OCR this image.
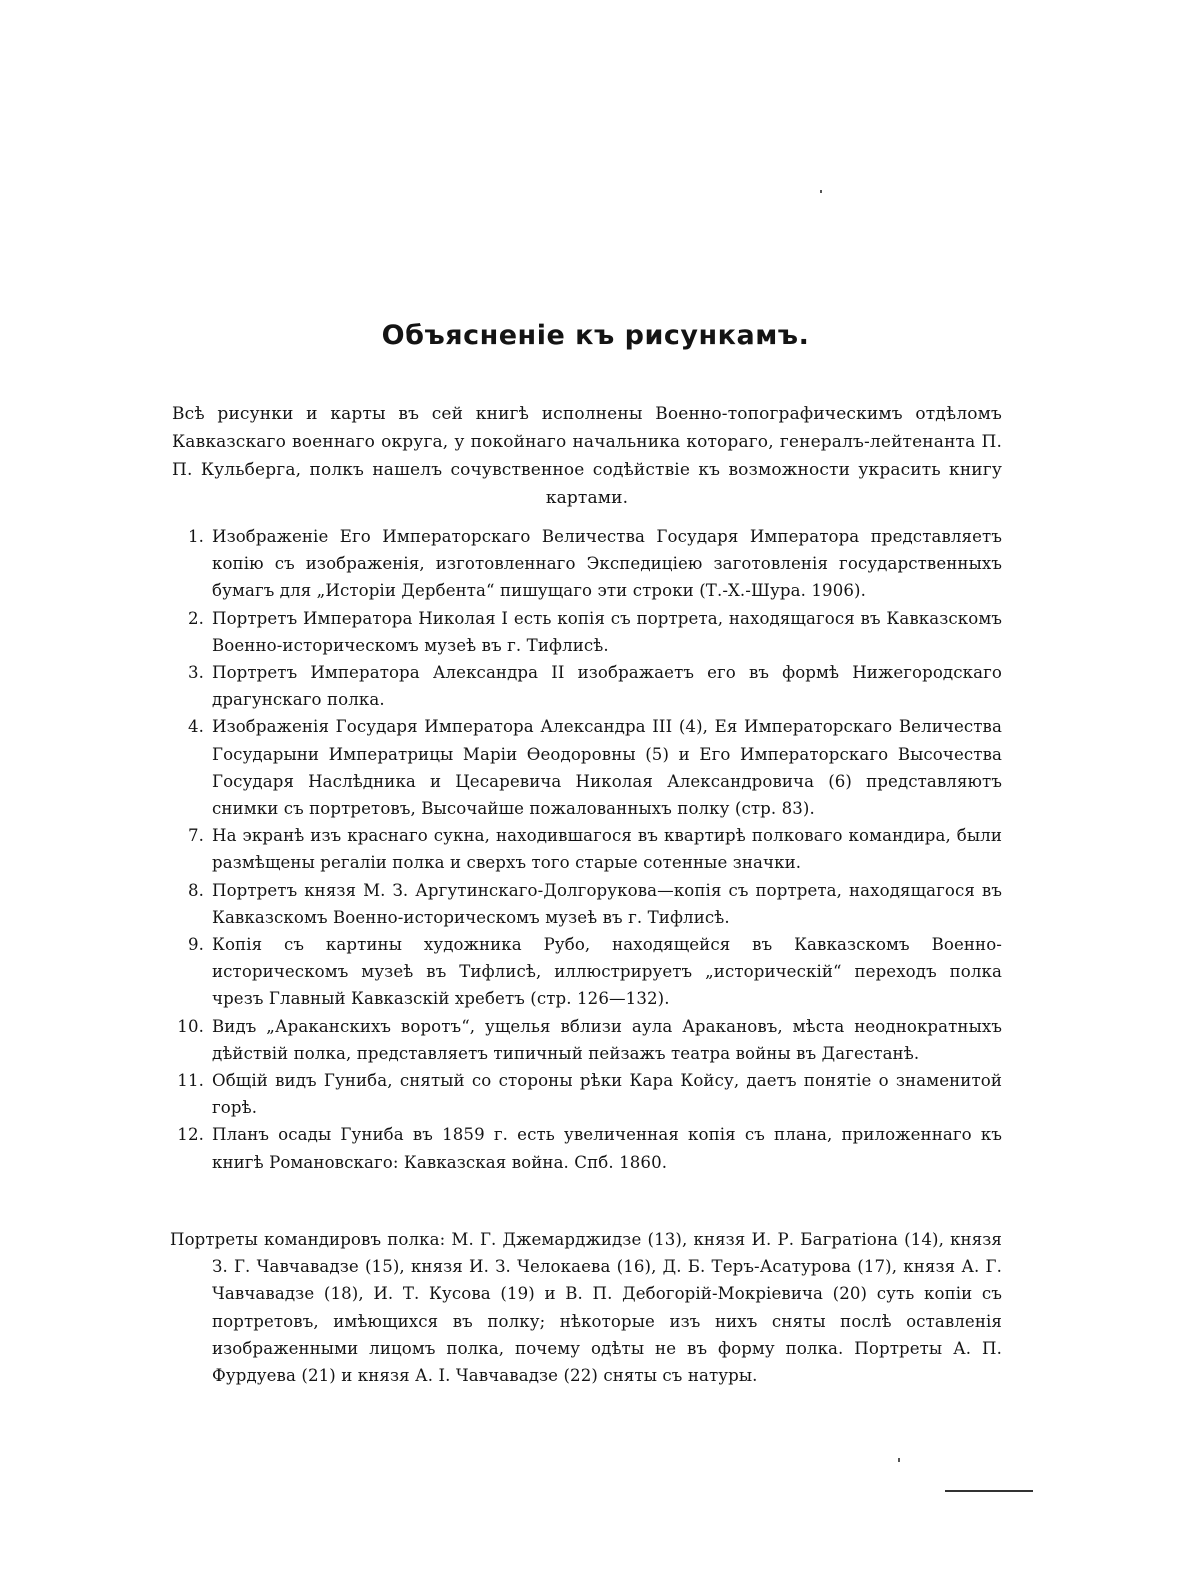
Объясненіе къ рисункамъ.
Всѣ рисунки и карты въ сей книгѣ исполнены Военно-топографическимъ отдѣломъ Кавказскаго военнаго округа, у покойнаго начальника котораго, генералъ-лейтенанта П. П. Кульберга, полкъ нашелъ сочувственное содѣйствіе къ возможности украсить книгу картами.
1. Изображеніе Его Императорскаго Величества Государя Императора представляетъ копію съ изображенія, изготовленнаго Экспедиціею заготовленія государственныхъ бумагъ для „Исторіи Дербента“ пишущаго эти строки (Т.-Х.-Шура. 1906).
2. Портретъ Императора Николая I есть копія съ портрета, находящагося въ Кавказскомъ Военно-историческомъ музеѣ въ г. Тифлисѣ.
3. Портретъ Императора Александра II изображаетъ его въ формѣ Нижегородскаго драгунскаго полка.
4. Изображенія Государя Императора Александра III (4), Ея Императорскаго Величества Государыни Императрицы Маріи Ѳеодоровны (5) и Его Императорскаго Высочества Государя Наслѣдника и Цесаревича Николая Александровича (6) представляютъ снимки съ портретовъ, Высочайше пожалованныхъ полку (стр. 83).
7. На экранѣ изъ краснаго сукна, находившагося въ квартирѣ полковаго командира, были размѣщены регаліи полка и сверхъ того старые сотенные значки.
8. Портретъ князя М. З. Аргутинскаго-Долгорукова—копія съ портрета, находящагося въ Кавказскомъ Военно-историческомъ музеѣ въ г. Тифлисѣ.
9. Копія съ картины художника Рубо, находящейся въ Кавказскомъ Военно-историческомъ музеѣ въ Тифлисѣ, иллюстрируетъ „историческій“ переходъ полка чрезъ Главный Кавказскій хребетъ (стр. 126—132).
10. Видъ „Араканскихъ воротъ“, ущелья вблизи аула Аракановъ, мѣста неоднократныхъ дѣйствій полка, представляетъ типичный пейзажъ театра войны въ Дагестанѣ.
11. Общій видъ Гуниба, снятый со стороны рѣки Кара Койсу, даетъ понятіе о знаменитой горѣ.
12. Планъ осады Гуниба въ 1859 г. есть увеличенная копія съ плана, приложеннаго къ книгѣ Романовскаго: Кавказская война. Спб. 1860.
Портреты командировъ полка: М. Г. Джемарджидзе (13), князя И. Р. Багратіона (14), князя З. Г. Чавчавадзе (15), князя И. З. Челокаева (16), Д. Б. Теръ-Асатурова (17), князя А. Г. Чавчавадзе (18), И. Т. Кусова (19) и В. П. Дебогорій-Мокріевича (20) суть копіи съ портретовъ, имѣющихся въ полку; нѣкоторые изъ нихъ сняты послѣ оставленія изображенными лицомъ полка, почему одѣты не въ форму полка. Портреты А. П. Фурдуева (21) и князя А. І. Чавчавадзе (22) сняты съ натуры.
